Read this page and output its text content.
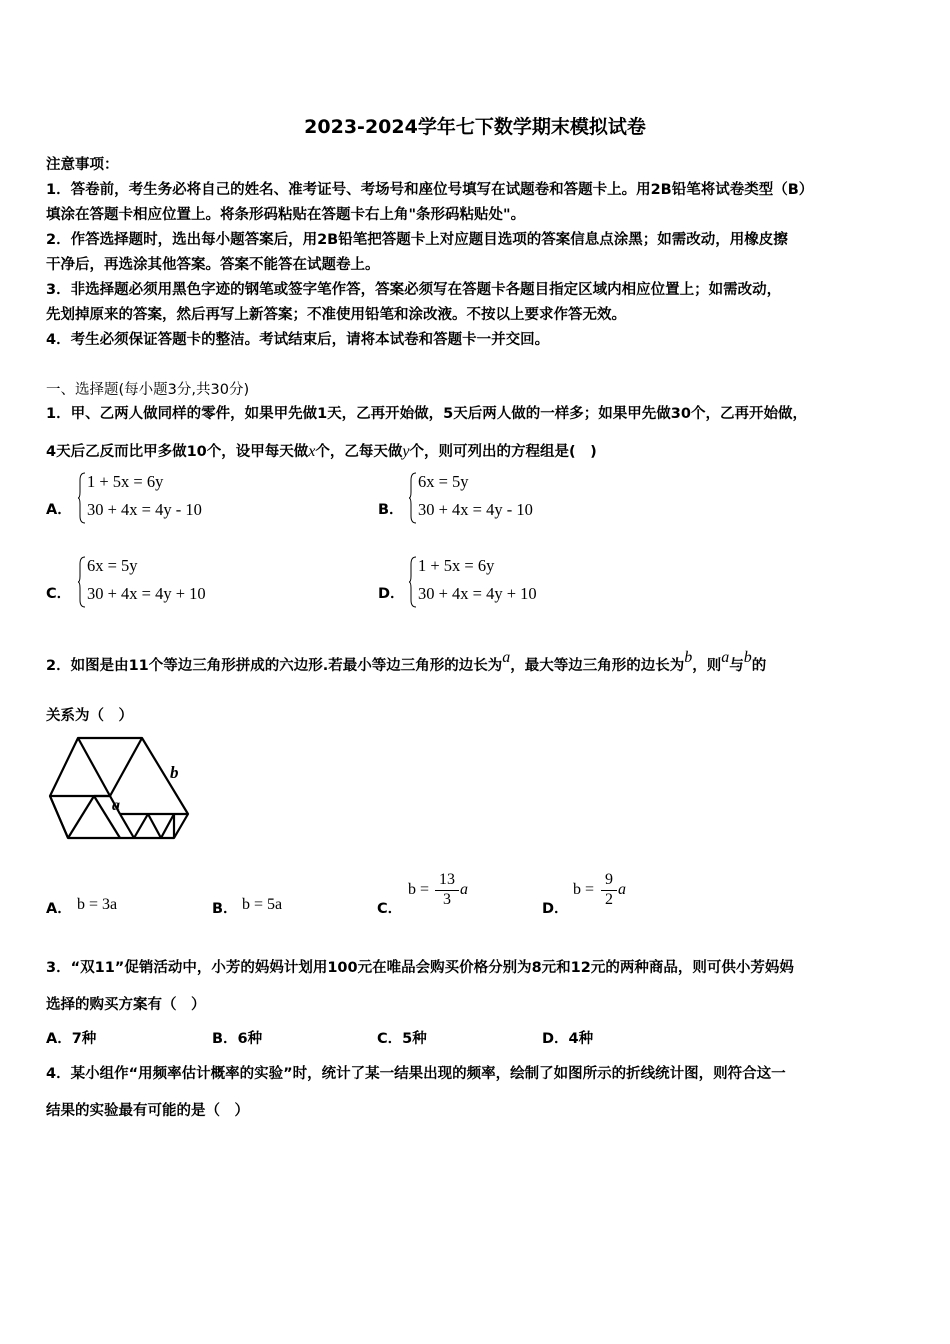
2023-2024学年七下数学期末模拟试卷
注意事项：
1．答卷前，考生务必将自己的姓名、准考证号、考场号和座位号填写在试题卷和答题卡上。用2B铅笔将试卷类型（B）
填涂在答题卡相应位置上。将条形码粘贴在答题卡右上角"条形码粘贴处"。
2．作答选择题时，选出每小题答案后，用2B铅笔把答题卡上对应题目选项的答案信息点涂黑；如需改动，用橡皮擦
干净后，再选涂其他答案。答案不能答在试题卷上。
3．非选择题必须用黑色字迹的钢笔或签字笔作答，答案必须写在答题卡各题目指定区域内相应位置上；如需改动，
先划掉原来的答案，然后再写上新答案；不准使用铅笔和涂改液。不按以上要求作答无效。
4．考生必须保证答题卡的整洁。考试结束后，请将本试卷和答题卡一并交回。
一、选择题(每小题3分,共30分)
1．甲、乙两人做同样的零件，如果甲先做1天，乙再开始做，5天后两人做的一样多；如果甲先做30个，乙再开始做，
4天后乙反而比甲多做10个，设甲每天做x个，乙每天做y个，则可列出的方程组是(　)
A．
1 + 5x = 6y
30 + 4x = 4y - 10	B．
6x = 5y
30 + 4x = 4y - 10
C．
6x = 5y
30 + 4x = 4y + 10	D．
1 + 5x = 6y
30 + 4x = 4y + 10
2．如图是由11个等边三角形拼成的六边形.若最小等边三角形的边长为a，最大等边三角形的边长为b，则a与b的
关系为（　）
b
a
A． b = 3a	B． b = 5a	C．
$b = \frac{13}{3}$ a
D．
$b = \frac{9}{2}$ a
3．“双11”促销活动中，小芳的妈妈计划用100元在唯品会购买价格分别为8元和12元的两种商品，则可供小芳妈妈
选择的购买方案有（　）
A．7种	B．6种	C．5种	D．4种
4．某小组作“用频率估计概率的实验”时，统计了某一结果出现的频率，绘制了如图所示的折线统计图，则符合这一
结果的实验最有可能的是（　）
